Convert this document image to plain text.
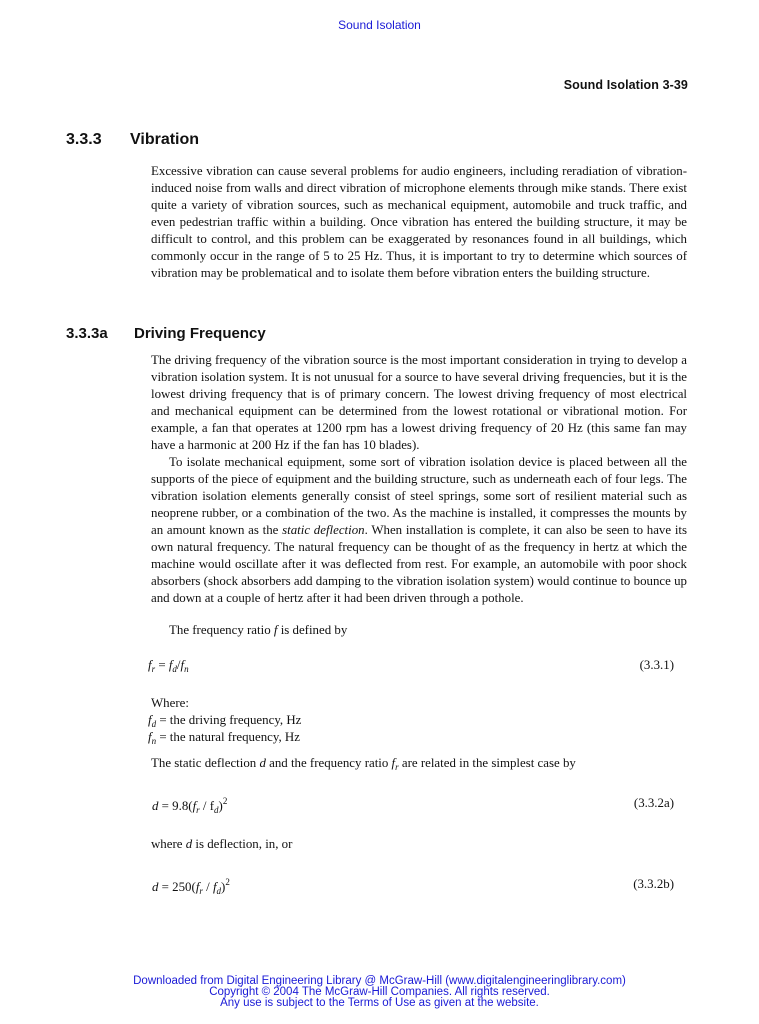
Sound Isolation
Sound Isolation 3-39
3.3.3 Vibration

Excessive vibration can cause several problems for audio engineers, including reradiation of vibration-induced noise from walls and direct vibration of microphone elements through mike stands. There exist quite a variety of vibration sources, such as mechanical equipment, automobile and truck traffic, and even pedestrian traffic within a building. Once vibration has entered the building structure, it may be difficult to control, and this problem can be exaggerated by resonances found in all buildings, which commonly occur in the range of 5 to 25 Hz. Thus, it is important to try to determine which sources of vibration may be problematical and to isolate them before vibration enters the building structure.

3.3.3a Driving Frequency

The driving frequency of the vibration source is the most important consideration in trying to develop a vibration isolation system. It is not unusual for a source to have several driving frequencies, but it is the lowest driving frequency that is of primary concern. The lowest driving frequency of most electrical and mechanical equipment can be determined from the lowest rotational or vibrational motion. For example, a fan that operates at 1200 rpm has a lowest driving frequency of 20 Hz (this same fan may have a harmonic at 200 Hz if the fan has 10 blades).

To isolate mechanical equipment, some sort of vibration isolation device is placed between all the supports of the piece of equipment and the building structure, such as underneath each of four legs. The vibration isolation elements generally consist of steel springs, some sort of resilient material such as neoprene rubber, or a combination of the two. As the machine is installed, it compresses the mounts by an amount known as the static deflection. When installation is complete, it can also be seen to have its own natural frequency. The natural frequency can be thought of as the frequency in hertz at which the machine would oscillate after it was deflected from rest. For example, an automobile with poor shock absorbers (shock absorbers add damping to the vibration isolation system) would continue to bounce up and down at a couple of hertz after it had been driven through a pothole.

The frequency ratio f is defined by
$f_r = f_d/f_n$	(3.3.1)
Where:
$f_d$ = the driving frequency, Hz
$f_n$ = the natural frequency, Hz
The static deflection d and the frequency ratio $f_r$ are related in the simplest case by
$d = 9.8(f_r / f_d)^2$	(3.3.2a)
where d is deflection, in, or
$d = 250(f_r / f_d)^2$	(3.3.2b)
Downloaded from Digital Engineering Library @ McGraw-Hill (www.digitalengineeringlibrary.com)
Copyright © 2004 The McGraw-Hill Companies. All rights reserved.
Any use is subject to the Terms of Use as given at the website.
